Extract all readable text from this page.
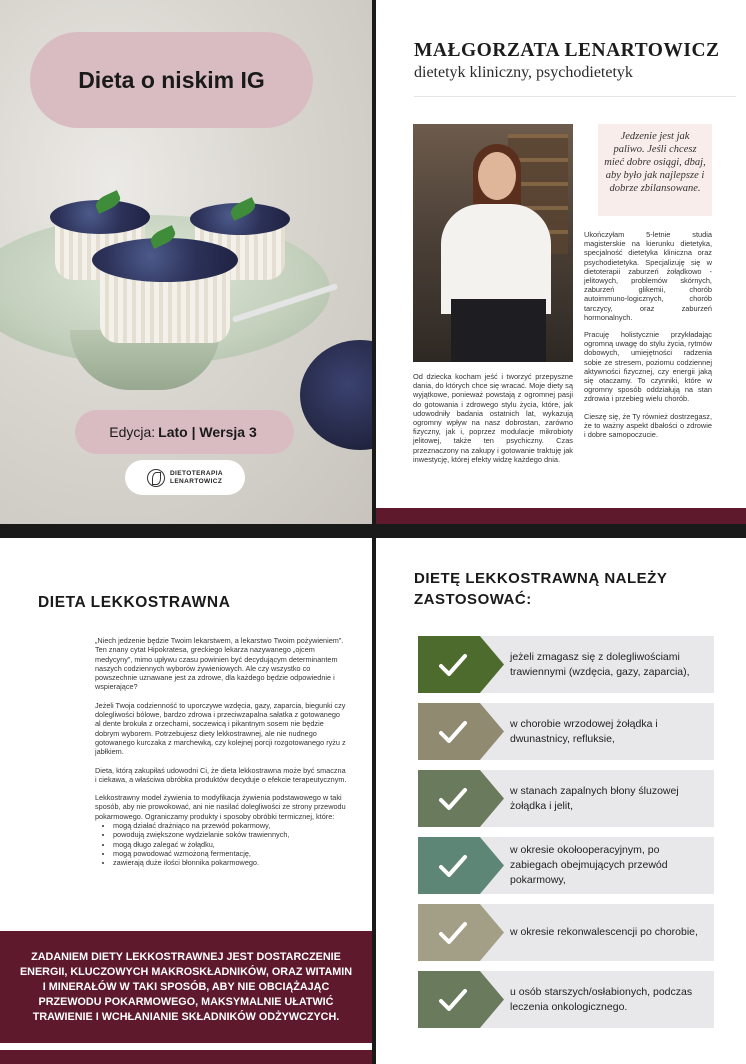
Dieta o niskim IG
Edycja: Lato | Wersja 3
DIETOTERAPIA
LENARTOWICZ
MAŁGORZATA LENARTOWICZ
dietetyk kliniczny, psychodietetyk
Jedzenie jest jak paliwo. Jeśli chcesz mieć dobre osiągi, dbaj, aby było jak najlepsze i dobrze zbilansowane.

Ukończyłam 5-letnie studia magisterskie na kierunku dietetyka, specjalność dietetyka kliniczna oraz psychodietetyka. Specjalizuję się w dietoterapii zaburzeń żołądkowo - jelitowych, problemów skórnych, zaburzeń glikemii, chorób autoimmuno-logicznych, chorób tarczycy, oraz zaburzeń hormonalnych.

Pracuję holistycznie przykładając ogromną uwagę do stylu życia, rytmów dobowych, umiejętności radzenia sobie ze stresem, poziomu codziennej aktywności fizycznej, czy energii jaką się otaczamy. To czynniki, które w ogromny sposób oddziałują na stan zdrowia i przebieg wielu chorób.

Cieszę się, że Ty również dostrzegasz, że to ważny aspekt dbałości o zdrowie i dobre samopoczucie.

Od dziecka kocham jeść i tworzyć przepyszne dania, do których chce się wracać. Moje diety są wyjątkowe, ponieważ powstają z ogromnej pasji do gotowania i zdrowego stylu życia, które, jak udowodniły badania ostatnich lat, wykazują ogromny wpływ na nasz dobrostan, zarówno fizyczny, jak i, poprzez modulacje mikrobioty jelitowej, także ten psychiczny. Czas przeznaczony na zakupy i gotowanie traktuję jak inwestycję, której efekty widzę każdego dnia.

DIETA LEKKOSTRAWNA

„Niech jedzenie będzie Twoim lekarstwem, a lekarstwo Twoim pożywieniem”. Ten znany cytat Hipokratesa, greckiego lekarza nazywanego „ojcem medycyny”, mimo upływu czasu powinien być decydującym determinantem naszych codziennych wyborów żywieniowych. Ale czy wszystko co powszechnie uznawane jest za zdrowe, dla każdego będzie odpowiednie i wspierające?

Jeżeli Twoja codzienność to uporczywe wzdęcia, gazy, zaparcia, biegunki czy dolegliwości bólowe, bardzo zdrowa i przeciwzapalna sałatka z gotowanego al dente brokuła z orzechami, soczewicą i pikantnym sosem nie będzie dobrym wyborem. Potrzebujesz diety lekkostrawnej, ale nie nudnego gotowanego kurczaka z marchewką, czy kolejnej porcji rozgotowanego ryżu z jabłkiem.

Dieta, którą zakupiłaś udowodni Ci, że dieta lekkostrawna może być smaczna i ciekawa, a właściwa obróbka produktów decyduje o efekcie terapeutycznym.

Lekkostrawny model żywienia to modyfikacja żywienia podstawowego w taki sposób, aby nie prowokować, ani nie nasilać dolegliwości ze strony przewodu pokarmowego. Ograniczamy produkty i sposoby obróbki termicznej, które:

• mogą działać drażniąco na przewód pokarmowy,
• powodują zwiększone wydzielanie soków trawiennych,
• mogą długo zalegać w żołądku,
• mogą powodować wzmożoną fermentację,
• zawierają duże ilości błonnika pokarmowego.
ZADANIEM DIETY LEKKOSTRAWNEJ JEST DOSTARCZENIE ENERGII, KLUCZOWYCH MAKROSKŁADNIKÓW, ORAZ WITAMIN I MINERAŁÓW W TAKI SPOSÓB, ABY NIE OBCIĄŻAJĄC PRZEWODU POKARMOWEGO, MAKSYMALNIE UŁATWIĆ TRAWIENIE I WCHŁANIANIE SKŁADNIKÓW ODŻYWCZYCH.
DIETĘ LEKKOSTRAWNĄ NALEŻY ZASTOSOWAĆ:
jeżeli zmagasz się z dolegliwościami trawiennymi (wzdęcia, gazy, zaparcia),
w chorobie wrzodowej żołądka i dwunastnicy, refluksie,
w stanach zapalnych błony śluzowej żołądka i jelit,
w okresie okołooperacyjnym, po zabiegach obejmujących przewód pokarmowy,
w okresie rekonwalescencji po chorobie,
u osób starszych/osłabionych, podczas leczenia onkologicznego.
